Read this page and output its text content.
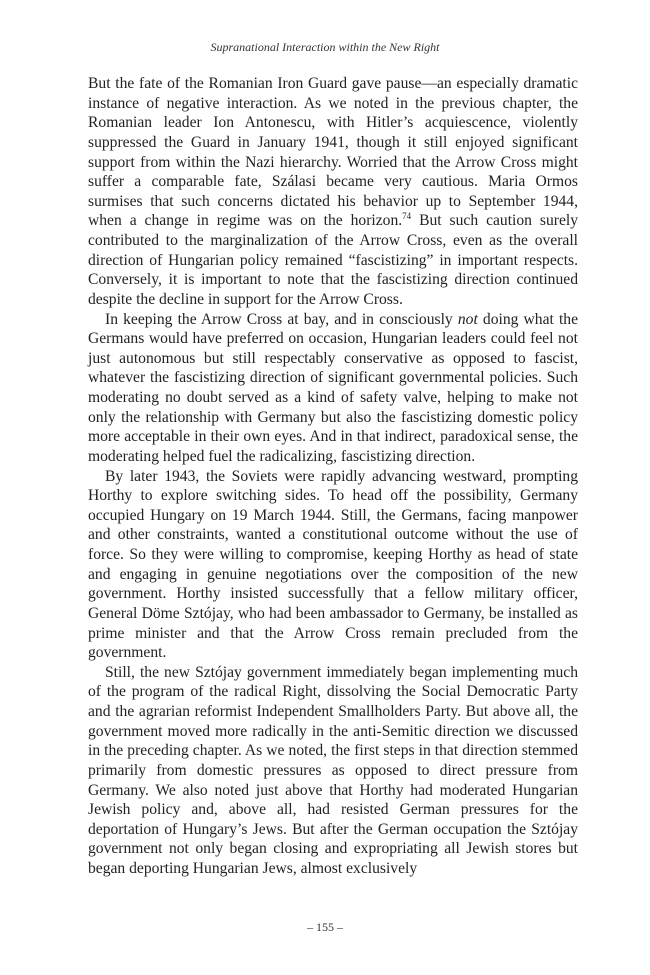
Supranational Interaction within the New Right

But the fate of the Romanian Iron Guard gave pause—an especially dramatic instance of negative interaction. As we noted in the previous chapter, the Romanian leader Ion Antonescu, with Hitler’s acquiescence, violently suppressed the Guard in January 1941, though it still enjoyed significant support from within the Nazi hierarchy. Worried that the Arrow Cross might suffer a comparable fate, Szálasi became very cautious. Maria Ormos surmises that such concerns dictated his behavior up to September 1944, when a change in regime was on the horizon.$^{74}$ But such caution surely contributed to the marginalization of the Arrow Cross, even as the overall direction of Hungarian policy remained “fascistizing” in important respects. Conversely, it is important to note that the fascistizing direction continued despite the decline in support for the Arrow Cross.

In keeping the Arrow Cross at bay, and in consciously not doing what the Germans would have preferred on occasion, Hungarian leaders could feel not just autonomous but still respectably conservative as opposed to fascist, whatever the fascistizing direction of significant governmental policies. Such moderating no doubt served as a kind of safety valve, helping to make not only the relationship with Germany but also the fascistizing domestic policy more acceptable in their own eyes. And in that indirect, paradoxical sense, the moderating helped fuel the radicalizing, fascistizing direction.

By later 1943, the Soviets were rapidly advancing westward, prompting Horthy to explore switching sides. To head off the possibility, Germany occupied Hungary on 19 March 1944. Still, the Germans, facing manpower and other constraints, wanted a constitutional outcome without the use of force. So they were willing to compromise, keeping Horthy as head of state and engaging in genuine negotiations over the composition of the new government. Horthy insisted successfully that a fellow military officer, General Döme Sztójay, who had been ambassador to Germany, be installed as prime minister and that the Arrow Cross remain precluded from the government.

Still, the new Sztójay government immediately began implementing much of the program of the radical Right, dissolving the Social Democratic Party and the agrarian reformist Independent Smallholders Party. But above all, the government moved more radically in the anti-Semitic direction we discussed in the preceding chapter. As we noted, the first steps in that direction stemmed primarily from domestic pressures as opposed to direct pressure from Germany. We also noted just above that Horthy had moderated Hungarian Jewish policy and, above all, had resisted German pressures for the deportation of Hungary’s Jews. But after the German occupation the Sztójay government not only began closing and expropriating all Jewish stores but began deporting Hungarian Jews, almost exclusively

– 155 –
